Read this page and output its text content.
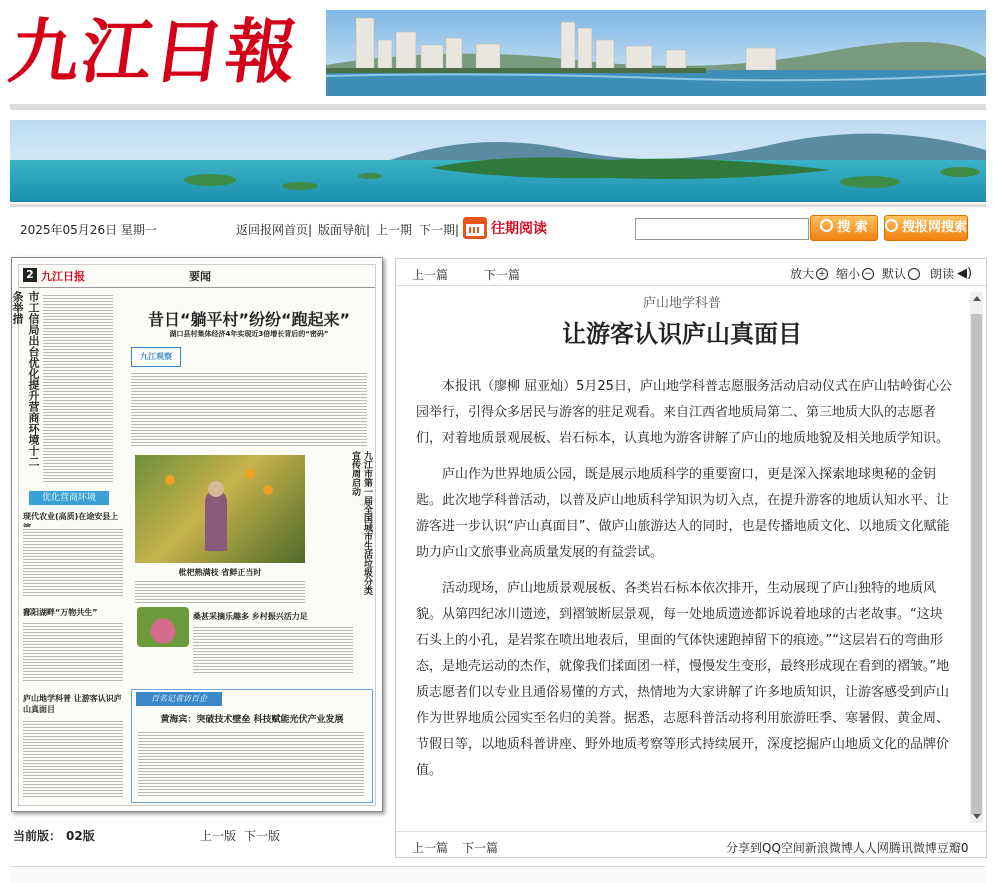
九江日報
2025年05月26日 星期一	返回报网首页| 版面导航| 上一期 下一期| 往期阅读	搜 索	搜报网搜索
2 九江日报	要闻
市工信局出台优化提升营商环境十二条举措
优化营商环境
现代农业(高质)在途安县上
鄱阳湖畔“万物共生”
庐山地学科普 让游客认识庐山真面目
昔日“躺平村”纷纷“跑起来”
湖口县村集体经济4年实现近3倍增长背后的“密码”
九江观察
九江市第一届全国城市生活垃圾分类宣传周启动
枇杷熟满枝 省鲜正当时
桑甚采摘乐趣多 乡村振兴活力足
百名记者访百企
黄海宾：突破技术壁垒 科技赋能光伏产业发展
当前版： 02版	上一版 下一版
上一篇	下一篇	放大 + 缩小 − 默认 朗读 ◀)
庐山地学科普
让游客认识庐山真面目

本报讯（廖柳 屈亚灿）5月25日，庐山地学科普志愿服务活动启动仪式在庐山牯岭街心公园举行，引得众多居民与游客的驻足观看。来自江西省地质局第二、第三地质大队的志愿者们，对着地质景观展板、岩石标本，认真地为游客讲解了庐山的地质地貌及相关地质学知识。

庐山作为世界地质公园，既是展示地质科学的重要窗口，更是深入探索地球奥秘的金钥匙。此次地学科普活动，以普及庐山地质科学知识为切入点，在提升游客的地质认知水平、让游客进一步认识“庐山真面目”、做庐山旅游达人的同时，也是传播地质文化、以地质文化赋能助力庐山文旅事业高质量发展的有益尝试。

活动现场，庐山地质景观展板、各类岩石标本依次排开，生动展现了庐山独特的地质风貌。从第四纪冰川遗迹，到褶皱断层景观，每一处地质遗迹都诉说着地球的古老故事。“这块石头上的小孔，是岩浆在喷出地表后，里面的气体快速跑掉留下的痕迹。”“这层岩石的弯曲形态，是地壳运动的杰作，就像我们揉面团一样，慢慢发生变形，最终形成现在看到的褶皱。”地质志愿者们以专业且通俗易懂的方式，热情地为大家讲解了许多地质知识，让游客感受到庐山作为世界地质公园实至名归的美誉。据悉，志愿科普活动将利用旅游旺季、寒暑假、黄金周、节假日等，以地质科普讲座、野外地质考察等形式持续展开，深度挖掘庐山地质文化的品牌价值。

上一篇 下一篇	分享到QQ空间新浪微博人人网腾讯微博豆瓣0
